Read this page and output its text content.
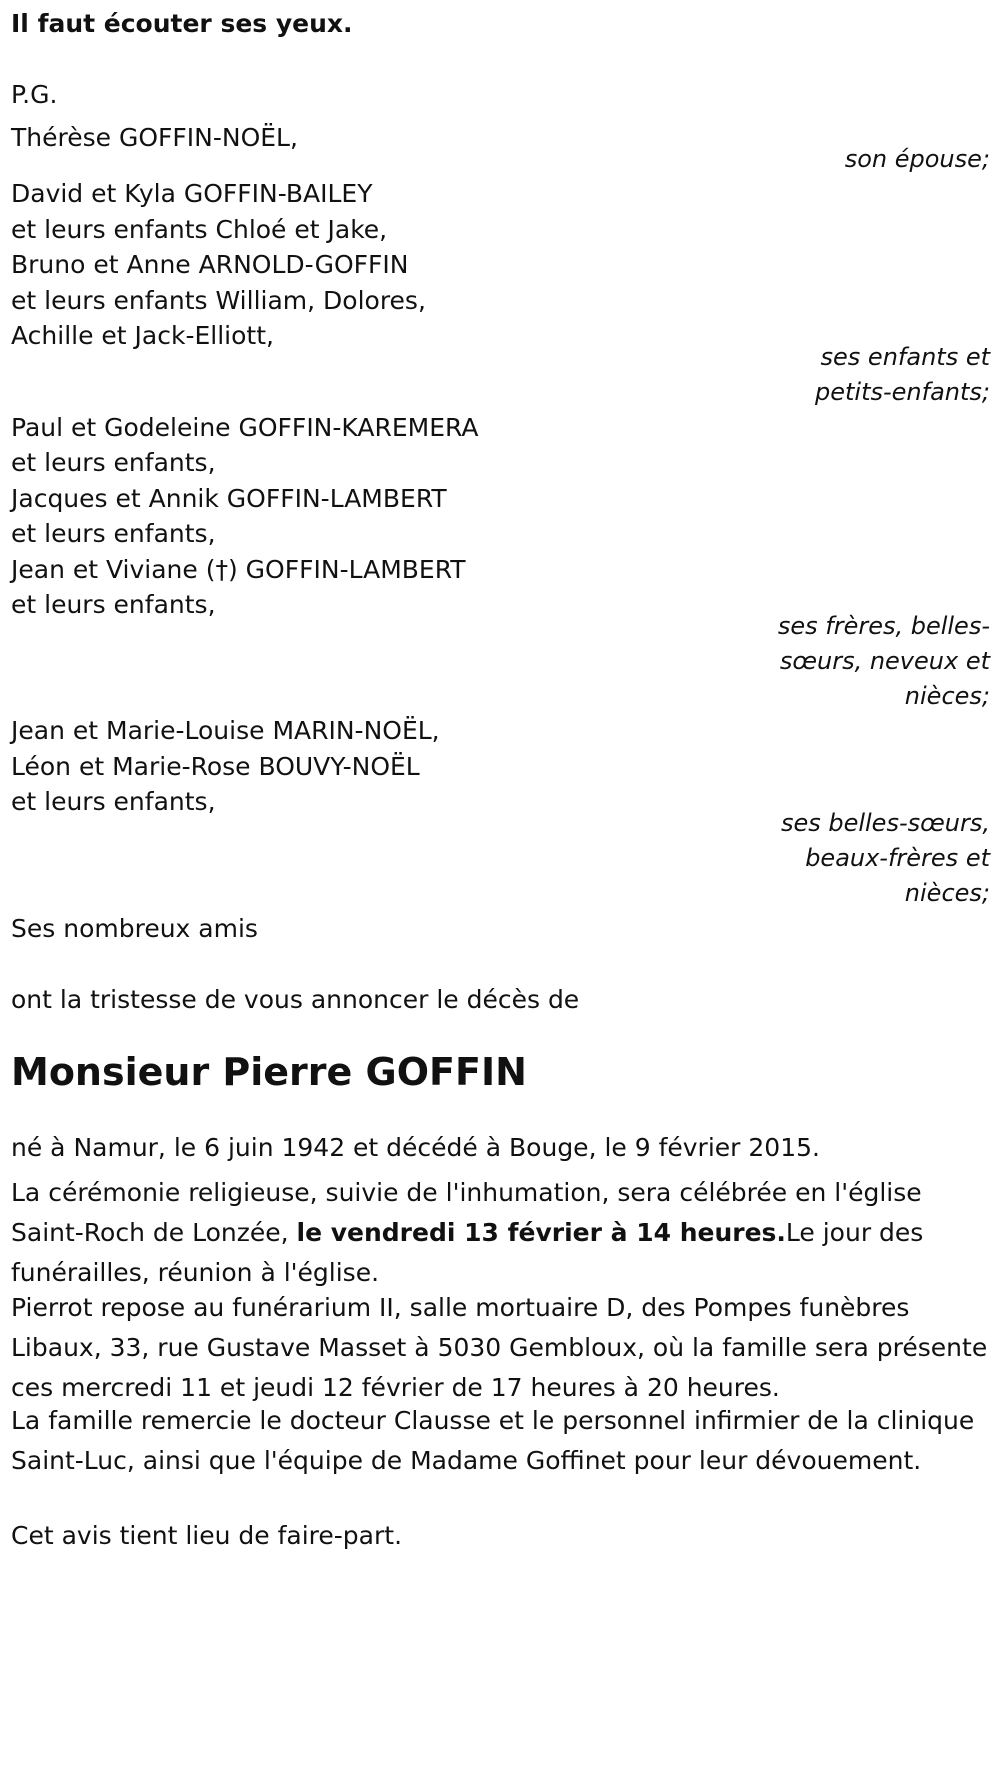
Il faut écouter ses yeux.

P.G.

Thérèse GOFFIN-NOËL,

son épouse;

David et Kyla GOFFIN-BAILEY

et leurs enfants Chloé et Jake,

Bruno et Anne ARNOLD-GOFFIN

et leurs enfants William, Dolores,

Achille et Jack-Elliott,

ses enfants et

petits-enfants;

Paul et Godeleine GOFFIN-KAREMERA

et leurs enfants,

Jacques et Annik GOFFIN-LAMBERT

et leurs enfants,

Jean et Viviane (†) GOFFIN-LAMBERT

et leurs enfants,

ses frères, belles-

sœurs, neveux et

nièces;

Jean et Marie-Louise MARIN-NOËL,

Léon et Marie-Rose BOUVY-NOËL

et leurs enfants,

ses belles-sœurs,

beaux-frères et

nièces;

Ses nombreux amis

ont la tristesse de vous annoncer le décès de

Monsieur Pierre GOFFIN

né à Namur, le 6 juin 1942 et décédé à Bouge, le 9 février 2015.

La cérémonie religieuse, suivie de l'inhumation, sera célébrée en l'église Saint-Roch de Lonzée, le vendredi 13 février à 14 heures.Le jour des funérailles, réunion à l'église.

Pierrot repose au funérarium II, salle mortuaire D, des Pompes funèbres Libaux, 33, rue Gustave Masset à 5030 Gembloux, où la famille sera présente ces mercredi 11 et jeudi 12 février de 17 heures à 20 heures.

La famille remercie le docteur Clausse et le personnel infirmier de la clinique Saint-Luc, ainsi que l'équipe de Madame Goffinet pour leur dévouement.

Cet avis tient lieu de faire-part.
